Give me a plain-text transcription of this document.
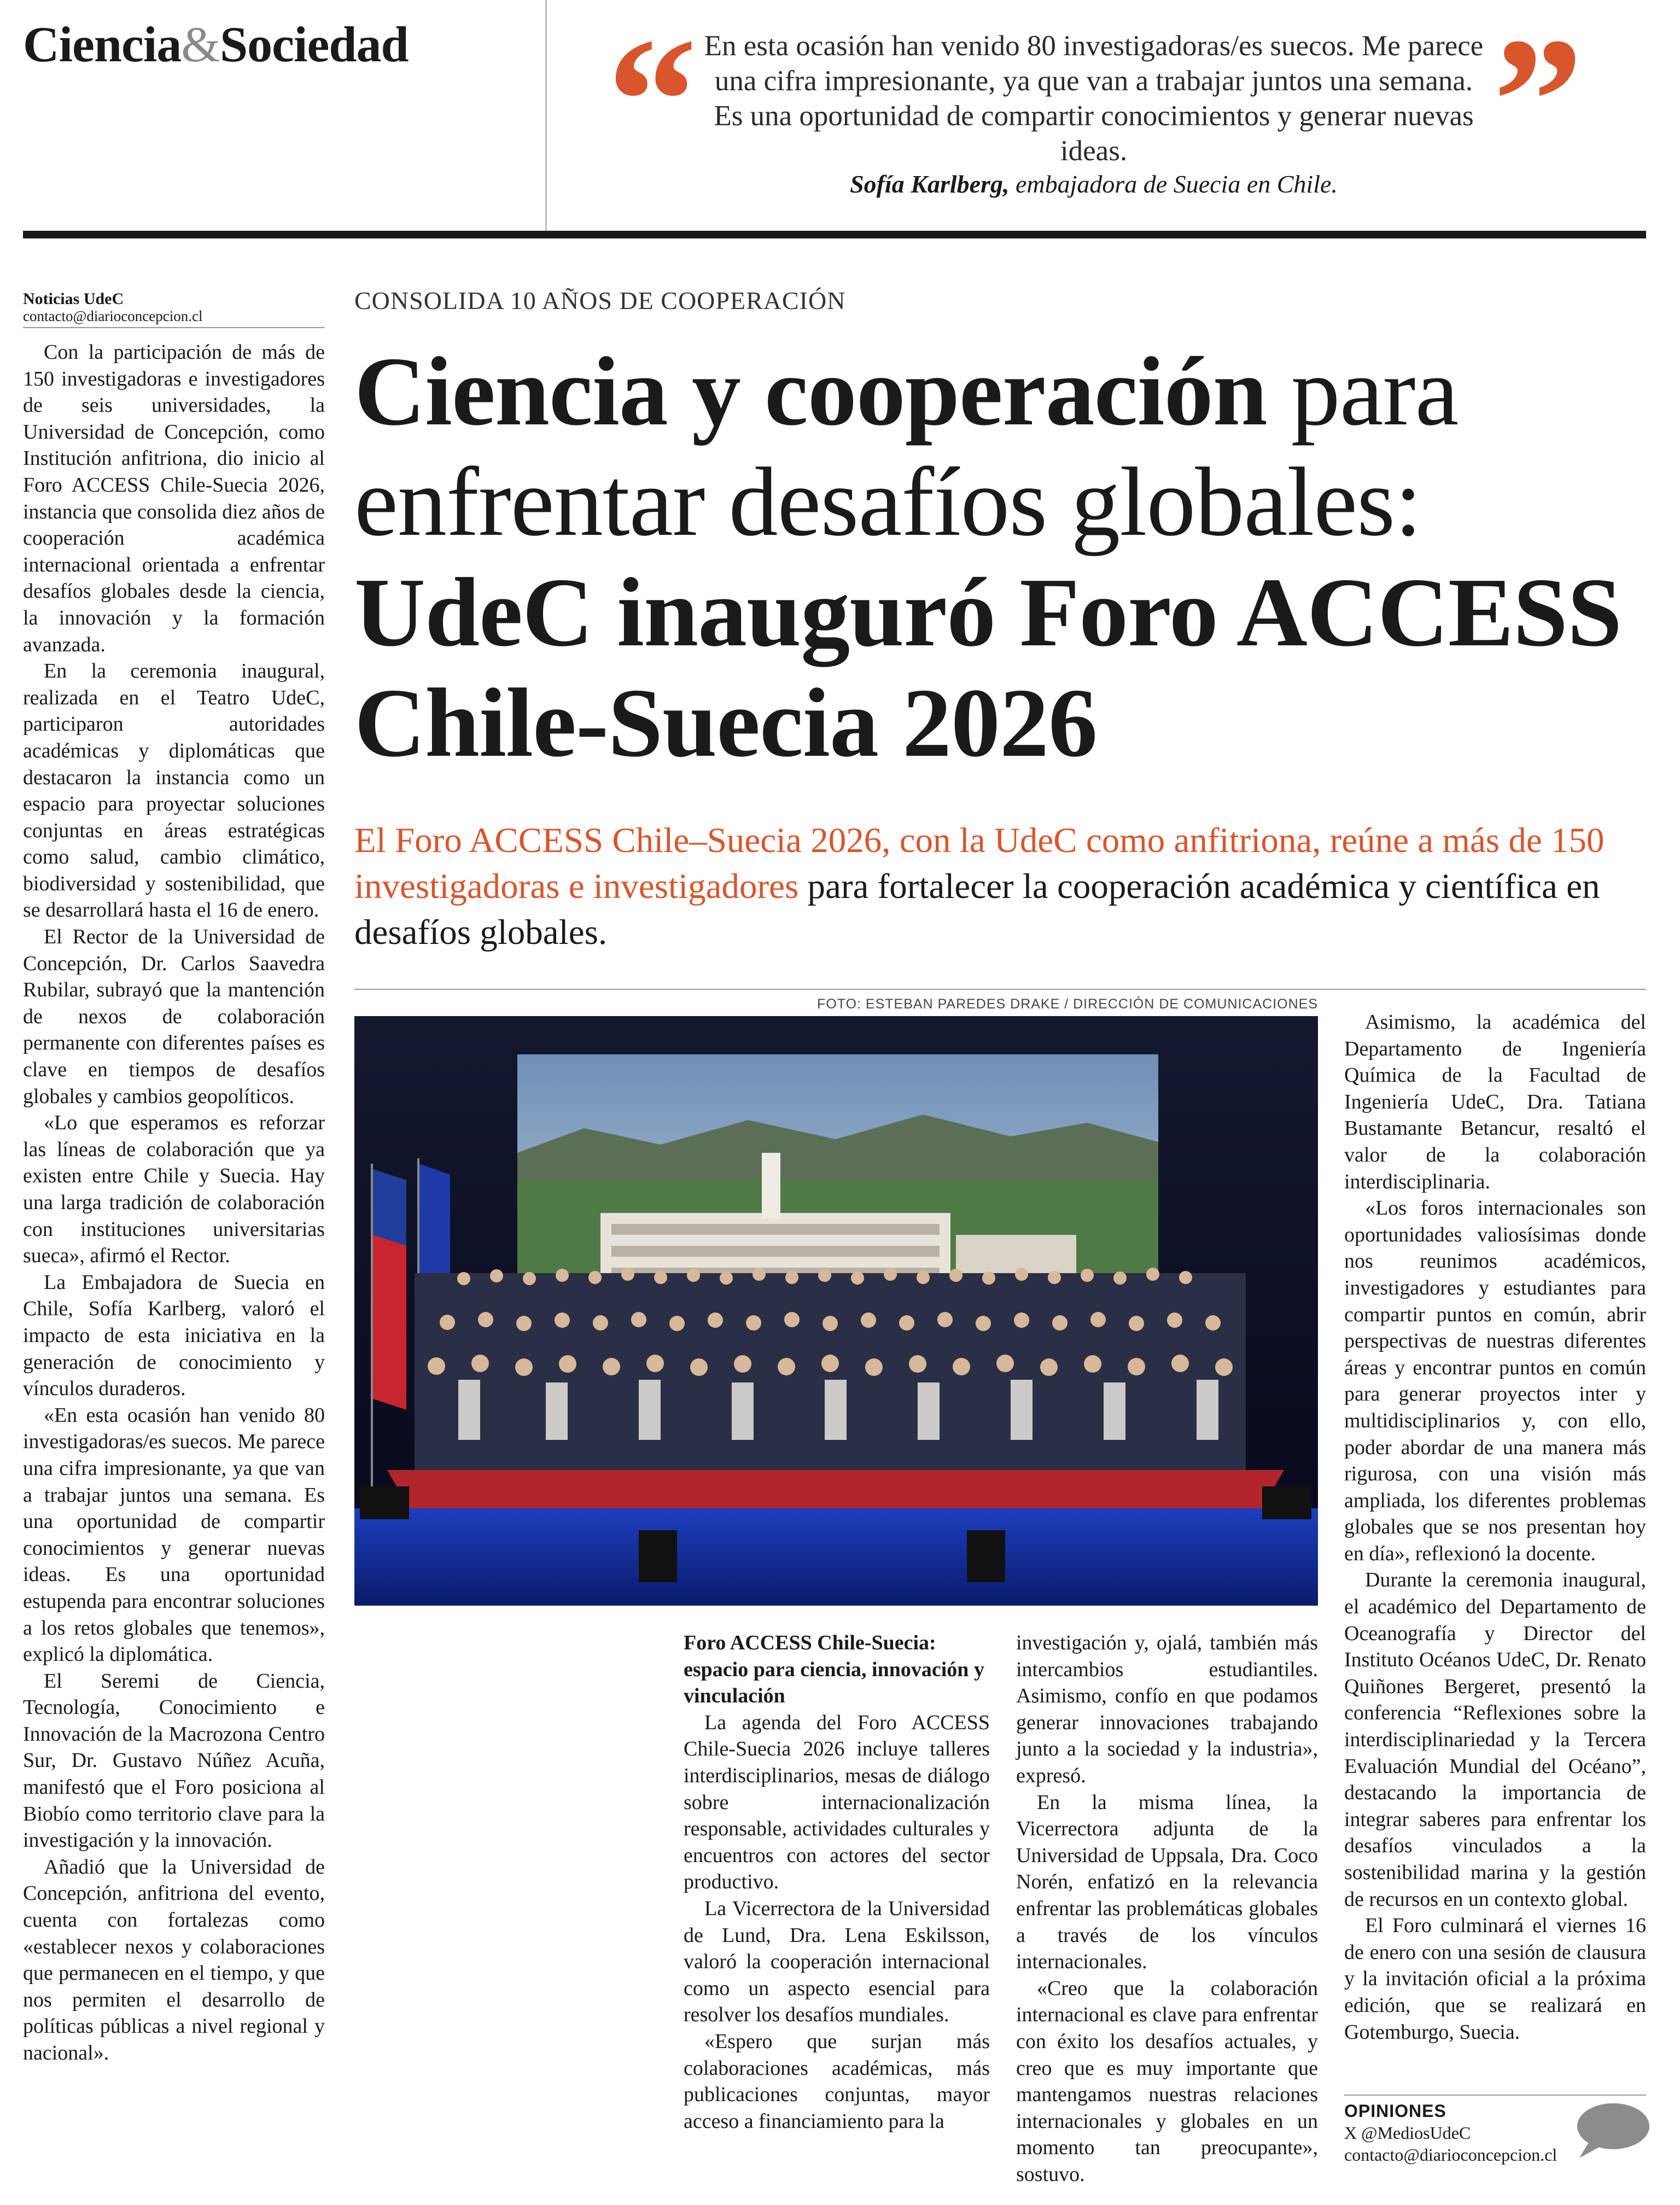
Ciencia&Sociedad “ En esta ocasión han venido 80 investigadoras/es suecos. Me parece una cifra impresionante, ya que van a trabajar juntos una semana. Es una oportunidad de compartir conocimientos y generar nuevas ideas.
Sofía Karlberg, embajadora de Suecia en Chile. ”
Noticias UdeC
contacto@diarioconcepcion.cl

Con la participación de más de 150 investigadoras e investigadores de seis universidades, la Universidad de Concepción, como Institución anfitriona, dio inicio al Foro ACCESS Chile-Suecia 2026, instancia que consolida diez años de cooperación académica internacional orientada a enfrentar desafíos globales desde la ciencia, la innovación y la formación avanzada.

En la ceremonia inaugural, realizada en el Teatro UdeC, participaron autoridades académicas y diplomáticas que destacaron la instancia como un espacio para proyectar soluciones conjuntas en áreas estratégicas como salud, cambio climático, biodiversidad y sostenibilidad, que se desarrollará hasta el 16 de enero.

El Rector de la Universidad de Concepción, Dr. Carlos Saavedra Rubilar, subrayó que la mantención de nexos de colaboración permanente con diferentes países es clave en tiempos de desafíos globales y cambios geopolíticos.

«Lo que esperamos es reforzar las líneas de colaboración que ya existen entre Chile y Suecia. Hay una larga tradición de colaboración con instituciones universitarias sueca», afirmó el Rector.

La Embajadora de Suecia en Chile, Sofía Karlberg, valoró el impacto de esta iniciativa en la generación de conocimiento y vínculos duraderos.

«En esta ocasión han venido 80 investigadoras/es suecos. Me parece una cifra impresionante, ya que van a trabajar juntos una semana. Es una oportunidad de compartir conocimientos y generar nuevas ideas. Es una oportunidad estupenda para encontrar soluciones a los retos globales que tenemos», explicó la diplomática.

El Seremi de Ciencia, Tecnología, Conocimiento e Innovación de la Macrozona Centro Sur, Dr. Gustavo Núñez Acuña, manifestó que el Foro posiciona al Biobío como territorio clave para la investigación y la innovación.

Añadió que la Universidad de Concepción, anfitriona del evento, cuenta con fortalezas como «establecer nexos y colaboraciones que permanecen en el tiempo, y que nos permiten el desarrollo de políticas públicas a nivel regional y nacional».

CONSOLIDA 10 AÑOS DE COOPERACIÓN
Ciencia y cooperación para enfrentar desafíos globales: UdeC inauguró Foro ACCESS Chile-Suecia 2026
El Foro ACCESS Chile–Suecia 2026, con la UdeC como anfitriona, reúne a más de 150 investigadoras e investigadores para fortalecer la cooperación académica y científica en desafíos globales.
FOTO: ESTEBAN PAREDES DRAKE / DIRECCIÓN DE COMUNICACIONES

Foro ACCESS Chile-Suecia: espacio para ciencia, innovación y vinculación

La agenda del Foro ACCESS Chile-Suecia 2026 incluye talleres interdisciplinarios, mesas de diálogo sobre internacionalización responsable, actividades culturales y encuentros con actores del sector productivo.

La Vicerrectora de la Universidad de Lund, Dra. Lena Eskilsson, valoró la cooperación internacional como un aspecto esencial para resolver los desafíos mundiales.

«Espero que surjan más colaboraciones académicas, más publicaciones conjuntas, mayor acceso a financiamiento para la

investigación y, ojalá, también más intercambios estudiantiles. Asimismo, confío en que podamos generar innovaciones trabajando junto a la sociedad y la industria», expresó.

En la misma línea, la Vicerrectora adjunta de la Universidad de Uppsala, Dra. Coco Norén, enfatizó en la relevancia enfrentar las problemáticas globales a través de los vínculos internacionales.

«Creo que la colaboración internacional es clave para enfrentar con éxito los desafíos actuales, y creo que es muy importante que mantengamos nuestras relaciones internacionales y globales en un momento tan preocupante», sostuvo.

Asimismo, la académica del Departamento de Ingeniería Química de la Facultad de Ingeniería UdeC, Dra. Tatiana Bustamante Betancur, resaltó el valor de la colaboración interdisciplinaria.

«Los foros internacionales son oportunidades valiosísimas donde nos reunimos académicos, investigadores y estudiantes para compartir puntos en común, abrir perspectivas de nuestras diferentes áreas y encontrar puntos en común para generar proyectos inter y multidisciplinarios y, con ello, poder abordar de una manera más rigurosa, con una visión más ampliada, los diferentes problemas globales que se nos presentan hoy en día», reflexionó la docente.

Durante la ceremonia inaugural, el académico del Departamento de Oceanografía y Director del Instituto Océanos UdeC, Dr. Renato Quiñones Bergeret, presentó la conferencia “Reflexiones sobre la interdisciplinariedad y la Tercera Evaluación Mundial del Océano”, destacando la importancia de integrar saberes para enfrentar los desafíos vinculados a la sostenibilidad marina y la gestión de recursos en un contexto global.

El Foro culminará el viernes 16 de enero con una sesión de clausura y la invitación oficial a la próxima edición, que se realizará en Gotemburgo, Suecia.

OPINIONES
X @MediosUdeC
contacto@diarioconcepcion.cl
